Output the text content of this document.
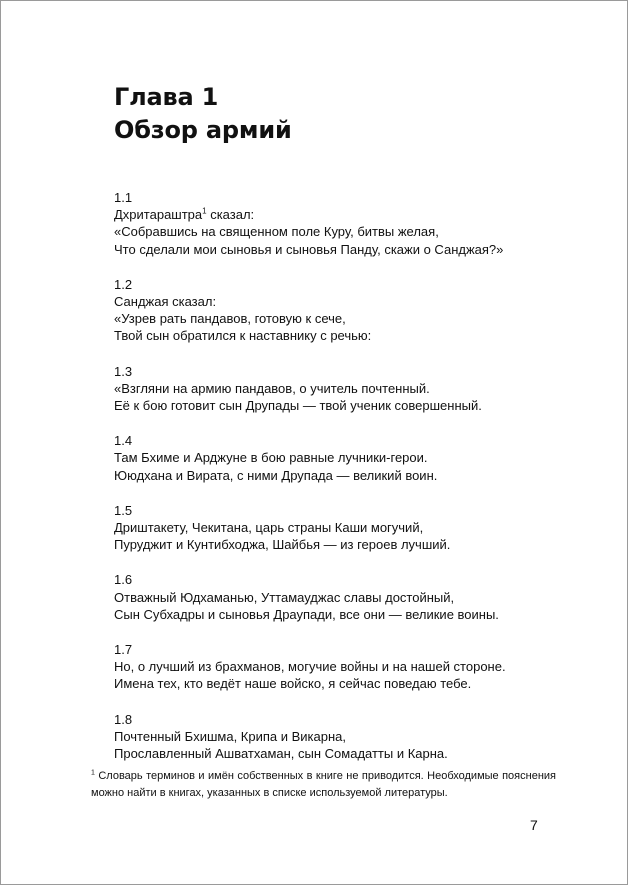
Глава 1
Обзор армий
1.1
Дхритараштра$^1$ сказал:
«Собравшись на священном поле Куру, битвы желая,
Что сделали мои сыновья и сыновья Панду, скажи о Санджая?»
1.2
Санджая сказал:
«Узрев рать пандавов, готовую к сече,
Твой сын обратился к наставнику с речью:
1.3
«Взгляни на армию пандавов, о учитель почтенный.
Её к бою готовит сын Друпады — твой ученик совершенный.
1.4
Там Бхиме и Арджуне в бою равные лучники-герои.
Ююдхана и Вирата, с ними Друпада — великий воин.
1.5
Дриштакету, Чекитана, царь страны Каши могучий,
Пуруджит и Кунтибходжа, Шайбья — из героев лучший.
1.6
Отважный Юдхаманью, Уттамауджас славы достойный,
Сын Субхадры и сыновья Драупади, все они — великие воины.
1.7
Но, о лучший из брахманов, могучие войны и на нашей стороне.
Имена тех, кто ведёт наше войско, я сейчас поведаю тебе.
1.8
Почтенный Бхишма, Крипа и Викарна,
Прославленный Ашватхаман, сын Сомадатты и Карна.
$^1$ Словарь терминов и имён собственных в книге не приводится. Необходимые пояснения можно найти в книгах, указанных в списке используемой литературы.
7
